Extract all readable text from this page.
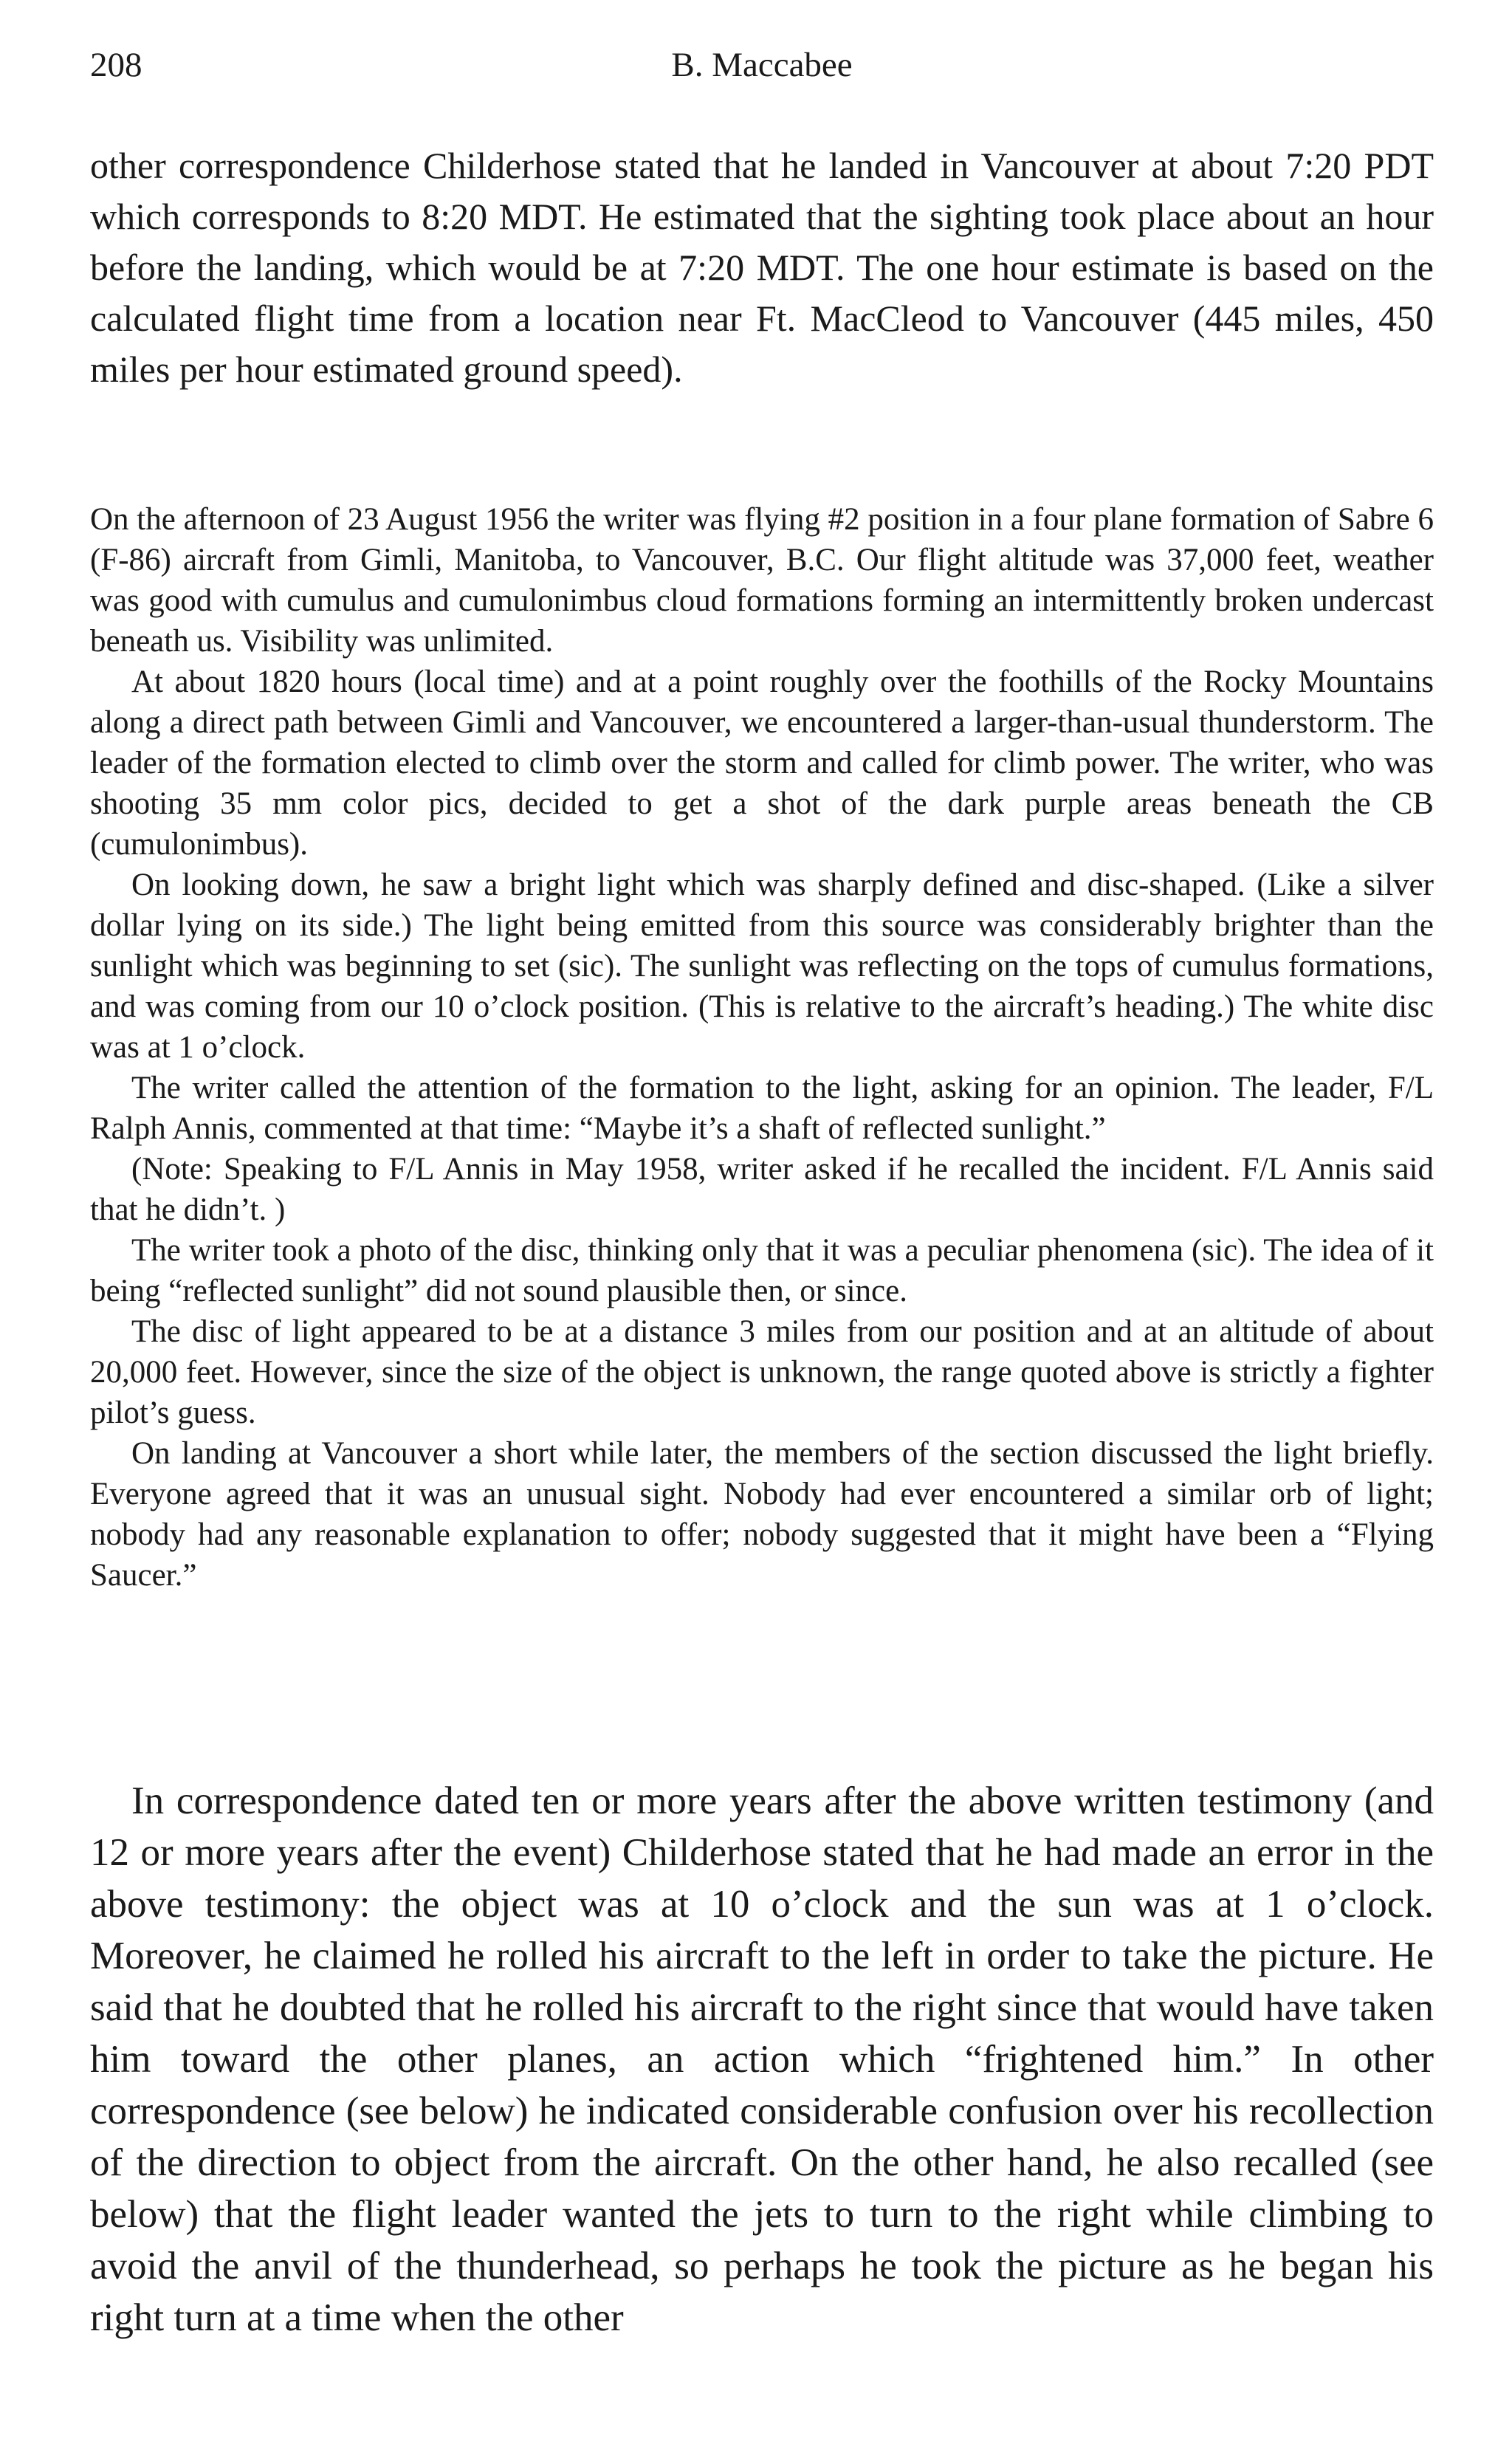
208	B. Maccabee

other correspondence Childerhose stated that he landed in Vancouver at about 7:20 PDT which corresponds to 8:20 MDT. He estimated that the sighting took place about an hour before the landing, which would be at 7:20 MDT. The one hour estimate is based on the calculated flight time from a location near Ft. MacCleod to Vancouver (445 miles, 450 miles per hour estimated ground speed).

On the afternoon of 23 August 1956 the writer was flying #2 position in a four plane formation of Sabre 6 (F-86) aircraft from Gimli, Manitoba, to Vancouver, B.C. Our flight altitude was 37,000 feet, weather was good with cumulus and cumulonimbus cloud formations forming an intermittently broken undercast beneath us. Visibility was unlimited.

At about 1820 hours (local time) and at a point roughly over the foothills of the Rocky Mountains along a direct path between Gimli and Vancouver, we encountered a larger-than-usual thunderstorm. The leader of the formation elected to climb over the storm and called for climb power. The writer, who was shooting 35 mm color pics, decided to get a shot of the dark purple areas beneath the CB (cumulonimbus).

On looking down, he saw a bright light which was sharply defined and disc-shaped. (Like a silver dollar lying on its side.) The light being emitted from this source was considerably brighter than the sunlight which was beginning to set (sic). The sunlight was reflecting on the tops of cumulus formations, and was coming from our 10 o’clock position. (This is relative to the aircraft’s heading.) The white disc was at 1 o’clock.

The writer called the attention of the formation to the light, asking for an opinion. The leader, F/L Ralph Annis, commented at that time: “Maybe it’s a shaft of reflected sunlight.”

(Note: Speaking to F/L Annis in May 1958, writer asked if he recalled the incident. F/L Annis said that he didn’t. )

The writer took a photo of the disc, thinking only that it was a peculiar phenomena (sic). The idea of it being “reflected sunlight” did not sound plausible then, or since.

The disc of light appeared to be at a distance 3 miles from our position and at an altitude of about 20,000 feet. However, since the size of the object is unknown, the range quoted above is strictly a fighter pilot’s guess.

On landing at Vancouver a short while later, the members of the section discussed the light briefly. Everyone agreed that it was an unusual sight. Nobody had ever encountered a similar orb of light; nobody had any reasonable explanation to offer; nobody suggested that it might have been a “Flying Saucer.”

In correspondence dated ten or more years after the above written testimony (and 12 or more years after the event) Childerhose stated that he had made an error in the above testimony: the object was at 10 o’clock and the sun was at 1 o’clock. Moreover, he claimed he rolled his aircraft to the left in order to take the picture. He said that he doubted that he rolled his aircraft to the right since that would have taken him toward the other planes, an action which “frightened him.” In other correspondence (see below) he indicated considerable confusion over his recollection of the direction to object from the aircraft. On the other hand, he also recalled (see below) that the flight leader wanted the jets to turn to the right while climbing to avoid the anvil of the thunderhead, so perhaps he took the picture as he began his right turn at a time when the other
